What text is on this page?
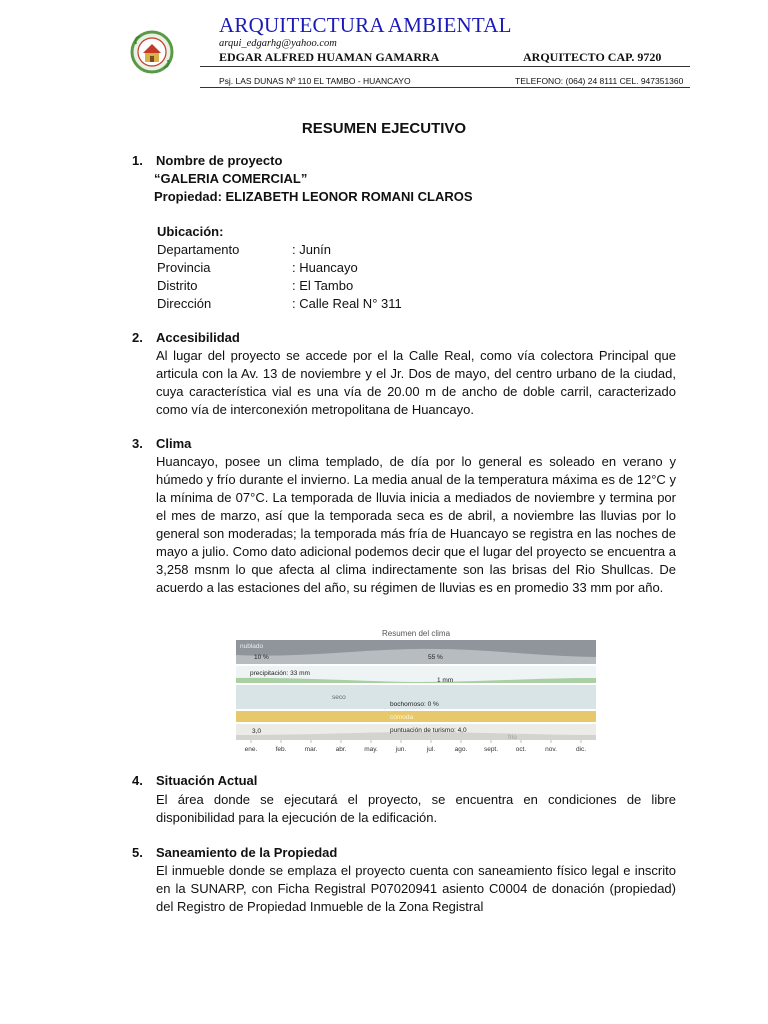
ARQUITECTURA AMBIENTAL
arqui_edgarhg@yahoo.com
EDGAR ALFRED HUAMAN GAMARRA	ARQUITECTO CAP. 9720
Psj. LAS DUNAS Nº 110 EL TAMBO - HUANCAYO	TELEFONO: (064) 24 8111 CEL. 947351360
RESUMEN EJECUTIVO
1. Nombre de proyecto
“GALERIA COMERCIAL”
Propiedad: ELIZABETH LEONOR ROMANI CLAROS
Ubicación:
Departamento	: Junín
Provincia	: Huancayo
Distrito	: El Tambo
Dirección	: Calle Real N° 311
2. Accesibilidad
Al lugar del proyecto se accede por el la Calle Real, como vía colectora Principal que articula con la Av. 13 de noviembre y el Jr. Dos de mayo, del centro urbano de la ciudad, cuya característica vial es una vía de 20.00 m de ancho de doble carril, caracterizado como vía de interconexión metropolitana de Huancayo.
3. Clima
Huancayo, posee un clima templado, de día por lo general es soleado en verano y húmedo y frío durante el invierno. La media anual de la temperatura máxima es de 12°C y la mínima de 07°C. La temporada de lluvia inicia a mediados de noviembre y termina por el mes de marzo, así que la temporada seca es de abril, a noviembre las lluvias por lo general son moderadas; la temporada más fría de Huancayo se registra en las noches de mayo a julio. Como dato adicional podemos decir que el lugar del proyecto se encuentra a 3,258 msnm lo que afecta al clima indirectamente son las brisas del Rio Shullcas. De acuerdo a las estaciones del año, su régimen de lluvias es en promedio 33 mm por año.
Resumen del clima
nublado
10 %	55 %
precipitación: 33 mm
1 mm
seco
bochornoso: 0 %
cómoda
3,0	puntuación de turismo: 4,0
frío
ene.	feb.	mar.	abr.	may.	jun.	jul.	ago.	sept.	oct.	nov.	dic.
4. Situación Actual
El área donde se ejecutará el proyecto, se encuentra en condiciones de libre disponibilidad para la ejecución de la edificación.
5. Saneamiento de la Propiedad
El inmueble donde se emplaza el proyecto cuenta con saneamiento físico legal e inscrito en la SUNARP, con Ficha Registral P07020941 asiento C0004 de donación (propiedad) del Registro de Propiedad Inmueble de la Zona Registral
